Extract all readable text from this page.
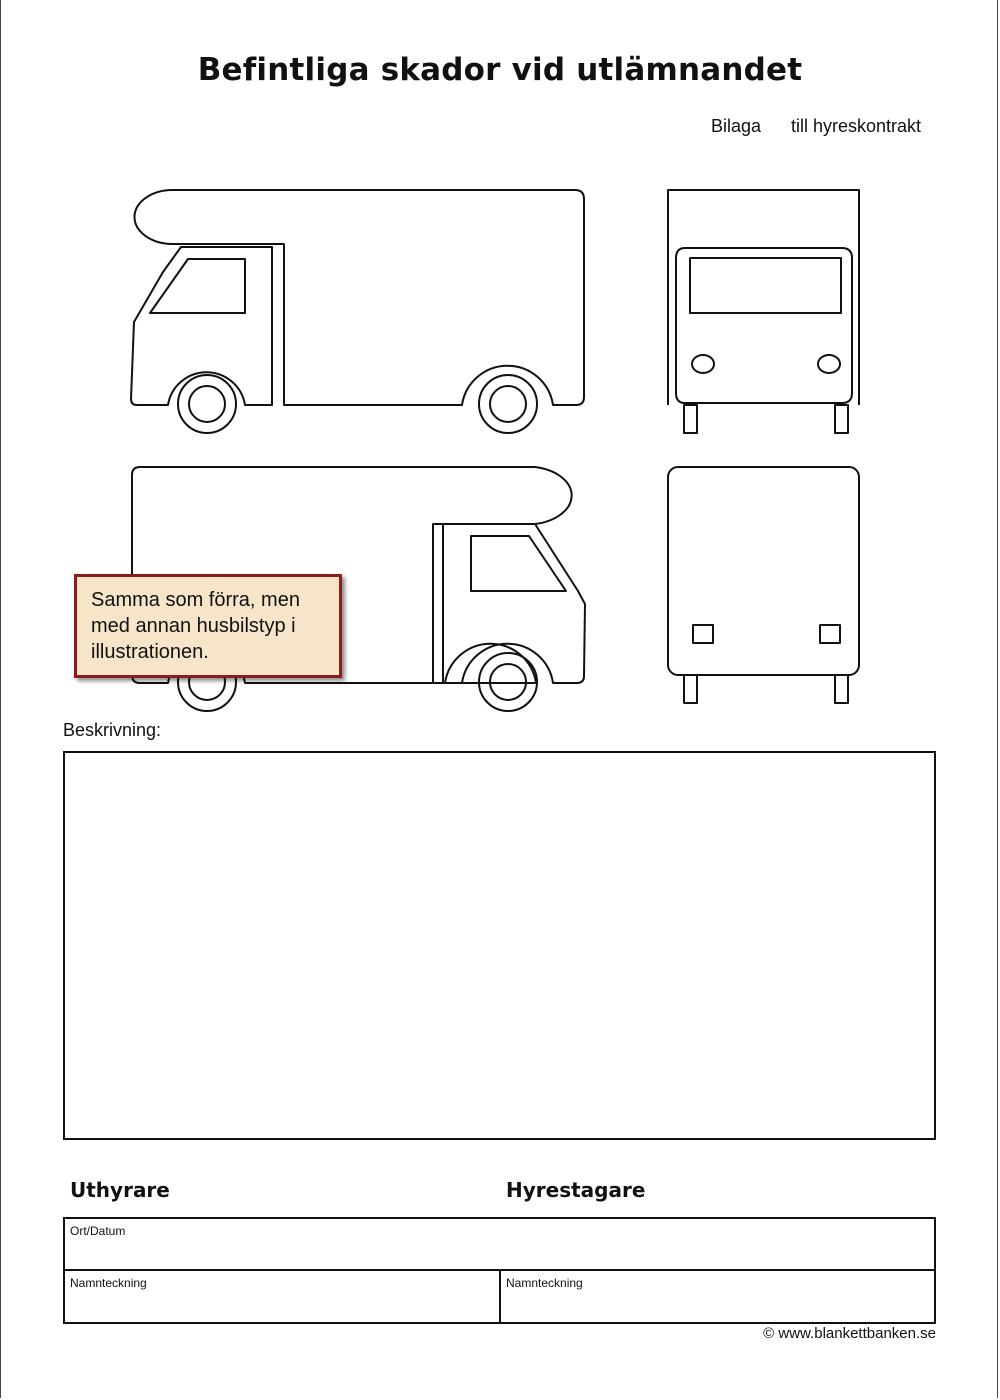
Befintliga skador vid utlämnandet
Bilaga till hyreskontrakt
Samma som förra, men med annan husbilstyp i illustrationen.
Beskrivning:
Uthyrare	Hyrestagare
Ort/Datum
Namnteckning	Namnteckning
© www.blankettbanken.se
